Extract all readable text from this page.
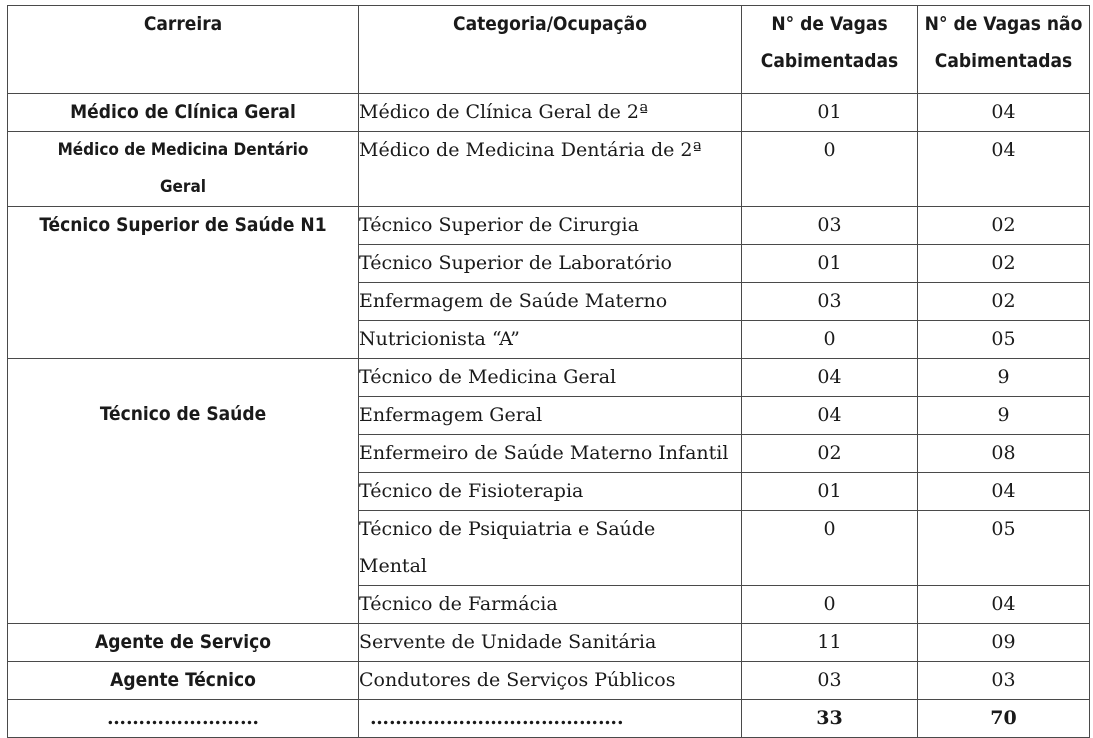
Carreira	Categoria/Ocupação	N° de Vagas Cabimentadas	N° de Vagas não Cabimentadas
Médico de Clínica Geral	Médico de Clínica Geral de 2ª	01	04
Médico de Medicina Dentário Geral	Médico de Medicina Dentária de 2ª	0	04
Técnico Superior de Saúde N1	Técnico Superior de Cirurgia	03	02
	Técnico Superior de Laboratório	01	02
	Enfermagem de Saúde Materno	03	02
	Nutricionista “A”	0	05
Técnico de Saúde	Técnico de Medicina Geral	04	9
	Enfermagem Geral	04	9
	Enfermeiro de Saúde Materno Infantil	02	08
	Técnico de Fisioterapia	01	04
	Técnico de Psiquiatria e Saúde Mental	0	05
	Técnico de Farmácia	0	04
Agente de Serviço	Servente de Unidade Sanitária	11	09
Agente Técnico	Condutores de Serviços Públicos	03	03
……………………	………………………………….	33	70
